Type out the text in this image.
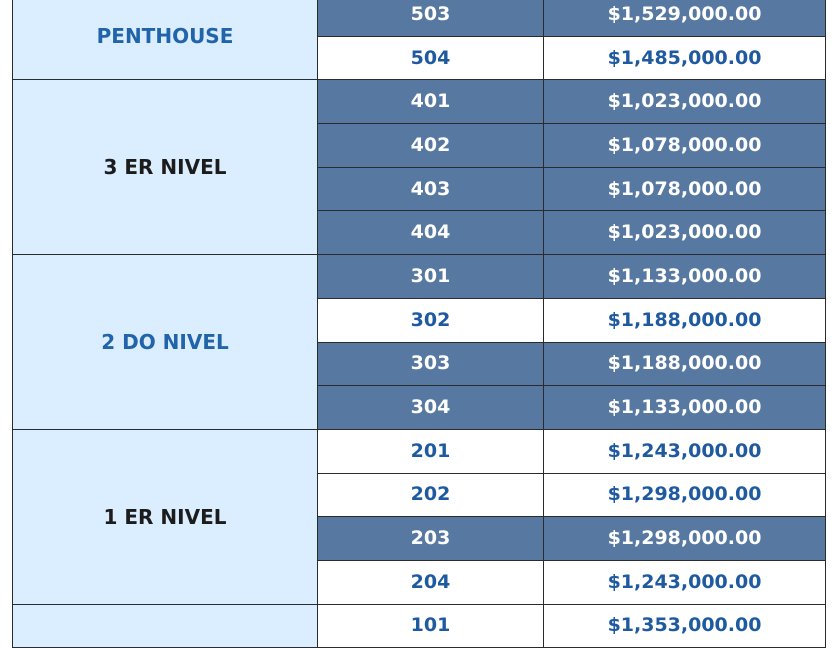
PENTHOUSE	503	$1,529,000.00
	504	$1,485,000.00
3 ER NIVEL	401	$1,023,000.00
	402	$1,078,000.00
	403	$1,078,000.00
	404	$1,023,000.00
2 DO NIVEL	301	$1,133,000.00
	302	$1,188,000.00
	303	$1,188,000.00
	304	$1,133,000.00
1 ER NIVEL	201	$1,243,000.00
	202	$1,298,000.00
	203	$1,298,000.00
	204	$1,243,000.00
	101	$1,353,000.00
